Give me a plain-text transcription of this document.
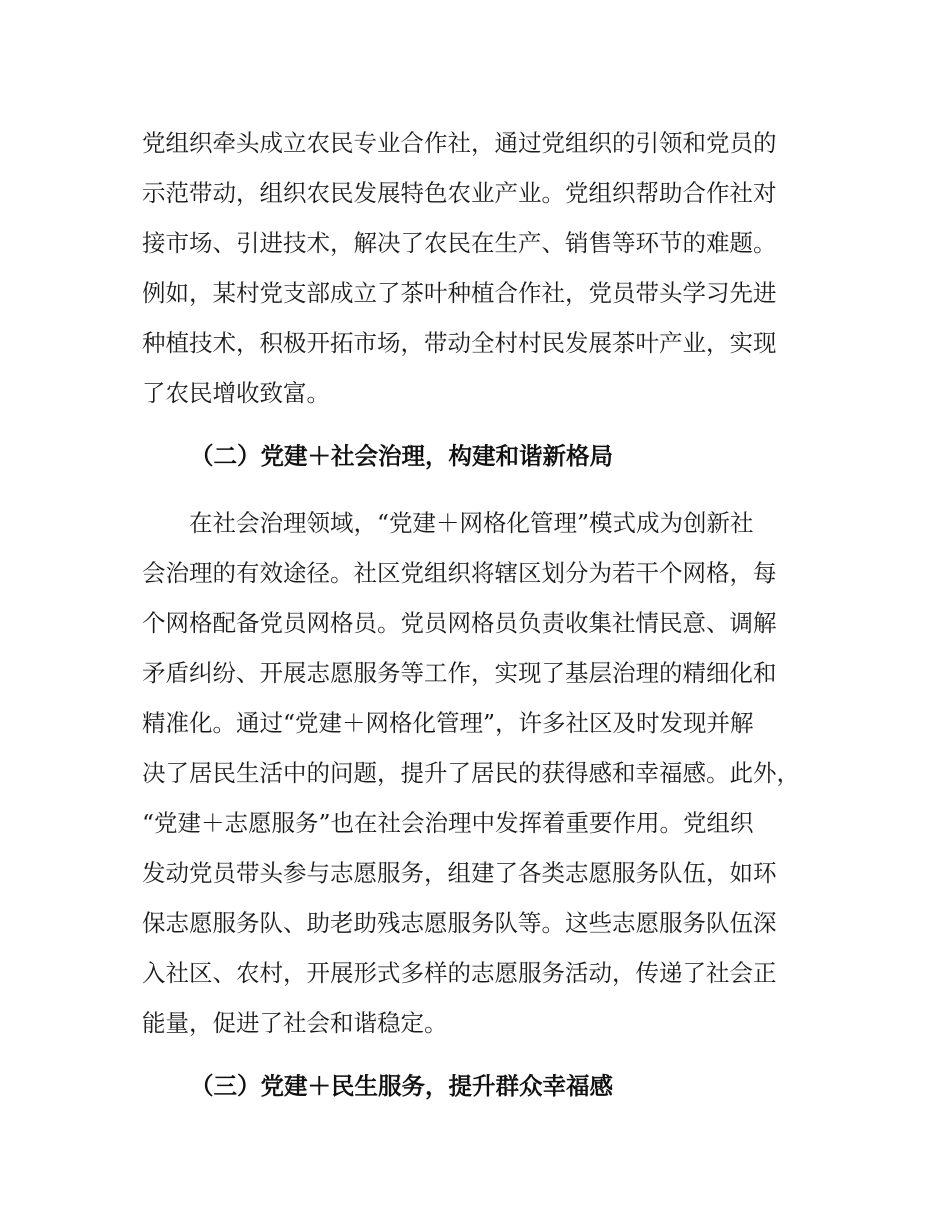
党组织牵头成立农民专业合作社，通过党组织的引领和党员的
示范带动，组织农民发展特色农业产业。党组织帮助合作社对
接市场、引进技术，解决了农民在生产、销售等环节的难题。
例如，某村党支部成立了茶叶种植合作社，党员带头学习先进
种植技术，积极开拓市场，带动全村村民发展茶叶产业，实现
了农民增收致富。
（二）党建＋社会治理，构建和谐新格局
　　在社会治理领域，“党建＋网格化管理”模式成为创新社
会治理的有效途径。社区党组织将辖区划分为若干个网格，每
个网格配备党员网格员。党员网格员负责收集社情民意、调解
矛盾纠纷、开展志愿服务等工作，实现了基层治理的精细化和
精准化。通过“党建＋网格化管理”，许多社区及时发现并解
决了居民生活中的问题，提升了居民的获得感和幸福感。此外，
“党建＋志愿服务”也在社会治理中发挥着重要作用。党组织
发动党员带头参与志愿服务，组建了各类志愿服务队伍，如环
保志愿服务队、助老助残志愿服务队等。这些志愿服务队伍深
入社区、农村，开展形式多样的志愿服务活动，传递了社会正
能量，促进了社会和谐稳定。
（三）党建＋民生服务，提升群众幸福感
